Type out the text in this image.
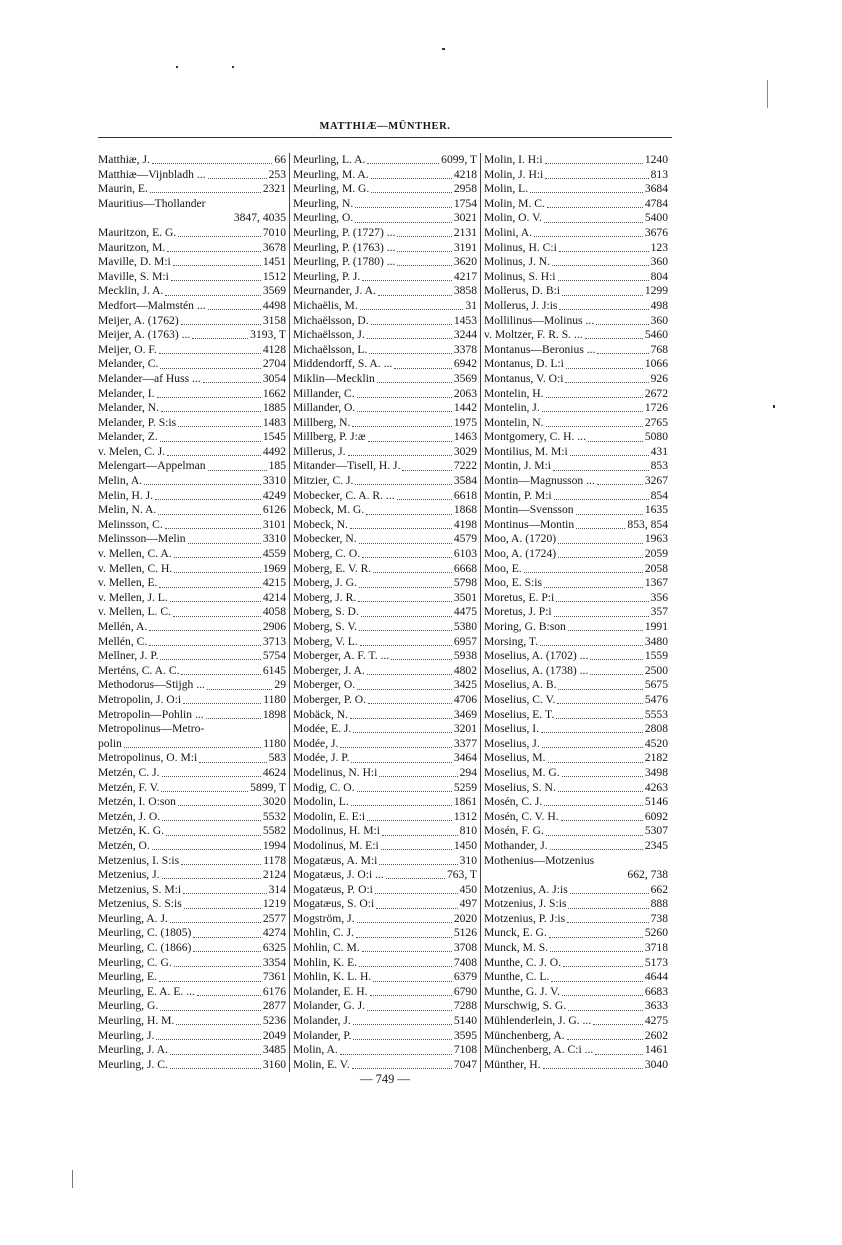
MATTHIÆ—MÜNTHER.
Matthiæ, J.	66
Matthiæ—Vijnbladh ...	253
Maurin, E.	2321
Mauritius—Thollander
3847, 4035
Mauritzon, E. G.	7010
Mauritzon, M.	3678
Maville, D. M:i	1451
Maville, S. M:i	1512
Mecklin, J. A.	3569
Medfort—Malmstén ...	4498
Meijer, A. (1762)	3158
Meijer, A. (1763) ...	3193, T
Meijer, O. F.	4128
Melander, C.	2704
Melander—af Huss ...	3054
Melander, I.	1662
Melander, N.	1885
Melander, P. S:is	1483
Melander, Z.	1545
v. Melen, C. J.	4492
Melengart—Appelman	185
Melin, A.	3310
Melin, H. J.	4249
Melin, N. A.	6126
Melinsson, C.	3101
Melinsson—Melin	3310
v. Mellen, C. A.	4559
v. Mellen, C. H.	1969
v. Mellen, E.	4215
v. Mellen, J. L.	4214
v. Mellen, L. C.	4058
Mellén, A.	2906
Mellén, C.	3713
Mellner, J. P.	5754
Merténs, C. A. C.	6145
Methodorus—Stijgh ...	29
Metropolin, J. O:i	1180
Metropolin—Pohlin ...	1898
Metropolinus—Metro-
polin	1180
Metropolinus, O. M:i	583
Metzén, C. J.	4624
Metzén, F. V.	5899, T
Metzén, I. O:son	3020
Metzén, J. O.	5532
Metzén, K. G.	5582
Metzén, O.	1994
Metzenius, I. S:is	1178
Metzenius, J.	2124
Metzenius, S. M:i	314
Metzenius, S. S:is	1219
Meurling, A. J.	2577
Meurling, C. (1805)	4274
Meurling, C. (1866)	6325
Meurling, C. G.	3354
Meurling, E.	7361
Meurling, E. A. E. ...	6176
Meurling, G.	2877
Meurling, H. M.	5236
Meurling, J.	2049
Meurling, J. A.	3485
Meurling, J. C.	3160
Meurling, L. A.	6099, T
Meurling, M. A.	4218
Meurling, M. G.	2958
Meurling, N.	1754
Meurling, O.	3021
Meurling, P. (1727) ...	2131
Meurling, P. (1763) ...	3191
Meurling, P. (1780) ...	3620
Meurling, P. J.	4217
Meurnander, J. A.	3858
Michaëlis, M.	31
Michaëlsson, D.	1453
Michaëlsson, J.	3244
Michaëlsson, L.	3378
Middendorff, S. A. ...	6942
Miklin—Mecklin	3569
Millander, C.	2063
Millander, O.	1442
Millberg, N.	1975
Millberg, P. J:æ	1463
Millerus, J.	3029
Mitander—Tisell, H. J.	7222
Mitzier, C. J.	3584
Mobecker, C. A. R. ...	6618
Mobeck, M. G.	1868
Mobeck, N.	4198
Mobecker, N.	4579
Moberg, C. O.	6103
Moberg, E. V. R.	6668
Moberg, J. G.	5798
Moberg, J. R.	3501
Moberg, S. D.	4475
Moberg, S. V.	5380
Moberg, V. L.	6957
Moberger, A. F. T. ...	5938
Moberger, J. A.	4802
Moberger, O.	3425
Moberger, P. O.	4706
Mobäck, N.	3469
Modée, E. J.	3201
Modée, J.	3377
Modée, J. P.	3464
Modelinus, N. H:i	294
Modig, C. O.	5259
Modolin, L.	1861
Modolin, E. E:i	1312
Modolinus, H. M:i	810
Modolinus, M. E:i	1450
Mogatæus, A. M:i	310
Mogatæus, J. O:i ...	763, T
Mogatæus, P. O:i	450
Mogatæus, S. O:i	497
Mogström, J.	2020
Mohlin, C. J.	5126
Mohlin, C. M.	3708
Mohlin, K. E.	7408
Mohlin, K. L. H.	6379
Molander, E. H.	6790
Molander, G. J.	7288
Molander, J.	5140
Molander, P.	3595
Molin, A.	7108
Molin, E. V.	7047
Molin, I. H:i	1240
Molin, J. H:i	813
Molin, L.	3684
Molin, M. C.	4784
Molin, O. V.	5400
Molini, A.	3676
Molinus, H. C:i	123
Molinus, J. N.	360
Molinus, S. H:i	804
Mollerus, D. B:i	1299
Mollerus, J. J:is	498
Mollilinus—Molinus ...	360
v. Moltzer, F. R. S. ...	5460
Montanus—Beronius ...	768
Montanus, D. L:i	1066
Montanus, V. O:i	926
Montelin, H.	2672
Montelin, J.	1726
Montelin, N.	2765
Montgomery, C. H. ...	5080
Montilius, M. M:i	431
Montin, J. M:i	853
Montin—Magnusson ...	3267
Montin, P. M:i	854
Montin—Svensson	1635
Montinus—Montin	853, 854
Moo, A. (1720)	1963
Moo, A. (1724)	2059
Moo, E.	2058
Moo, E. S:is	1367
Moretus, E. P:i	356
Moretus, J. P:i	357
Moring, G. B:son	1991
Morsing, T.	3480
Moselius, A. (1702) ...	1559
Moselius, A. (1738) ...	2500
Moselius, A. B.	5675
Moselius, C. V.	5476
Moselius, E. T.	5553
Moselius, I.	2808
Moselius, J.	4520
Moselius, M.	2182
Moselius, M. G.	3498
Moselius, S. N.	4263
Mosén, C. J.	5146
Mosén, C. V. H.	6092
Mosén, F. G.	5307
Mothander, J.	2345
Mothenius—Motzenius
662, 738
Motzenius, A. J:is	662
Motzenius, J. S:is	888
Motzenius, P. J:is	738
Munck, E. G.	5260
Munck, M. S.	3718
Munthe, C. J. O.	5173
Munthe, C. L.	4644
Munthe, G. J. V.	6683
Murschwig, S. G.	3633
Mühlenderlein, J. G. ...	4275
Münchenberg, A.	2602
Münchenberg, A. C:i ...	1461
Münther, H.	3040
— 749 —
